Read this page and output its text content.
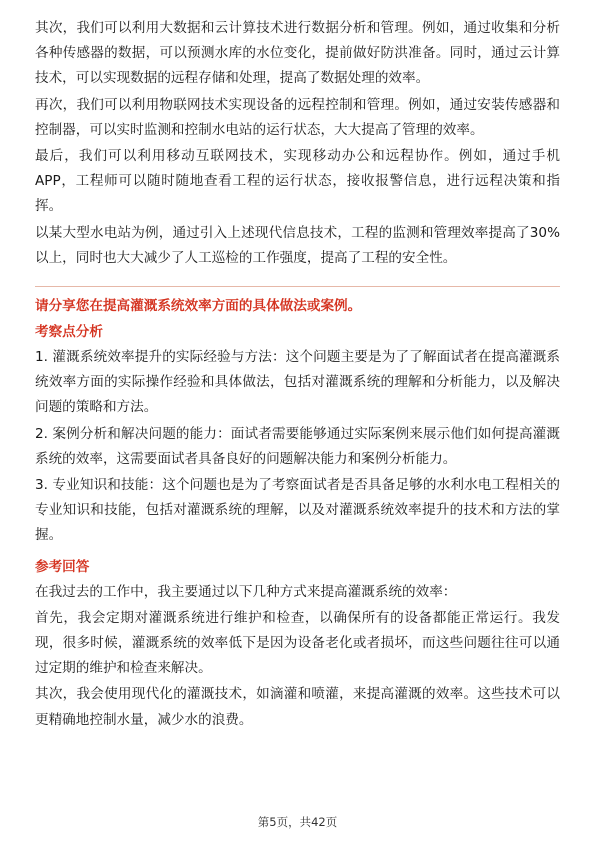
其次，我们可以利用大数据和云计算技术进行数据分析和管理。例如，通过收集和分析各种传感器的数据，可以预测水库的水位变化，提前做好防洪准备。同时，通过云计算技术，可以实现数据的远程存储和处理，提高了数据处理的效率。

再次，我们可以利用物联网技术实现设备的远程控制和管理。例如，通过安装传感器和控制器，可以实时监测和控制水电站的运行状态，大大提高了管理的效率。

最后，我们可以利用移动互联网技术，实现移动办公和远程协作。例如，通过手机APP，工程师可以随时随地查看工程的运行状态，接收报警信息，进行远程决策和指挥。

以某大型水电站为例，通过引入上述现代信息技术，工程的监测和管理效率提高了30%以上，同时也大大减少了人工巡检的工作强度，提高了工程的安全性。

请分享您在提高灌溉系统效率方面的具体做法或案例。
考察点分析

1. 灌溉系统效率提升的实际经验与方法：这个问题主要是为了了解面试者在提高灌溉系统效率方面的实际操作经验和具体做法，包括对灌溉系统的理解和分析能力，以及解决问题的策略和方法。

2. 案例分析和解决问题的能力：面试者需要能够通过实际案例来展示他们如何提高灌溉系统的效率，这需要面试者具备良好的问题解决能力和案例分析能力。

3. 专业知识和技能：这个问题也是为了考察面试者是否具备足够的水利水电工程相关的专业知识和技能，包括对灌溉系统的理解，以及对灌溉系统效率提升的技术和方法的掌握。

参考回答

在我过去的工作中，我主要通过以下几种方式来提高灌溉系统的效率：

首先，我会定期对灌溉系统进行维护和检查，以确保所有的设备都能正常运行。我发现，很多时候，灌溉系统的效率低下是因为设备老化或者损坏，而这些问题往往可以通过定期的维护和检查来解决。

其次，我会使用现代化的灌溉技术，如滴灌和喷灌，来提高灌溉的效率。这些技术可以更精确地控制水量，减少水的浪费。

第5页，共42页
